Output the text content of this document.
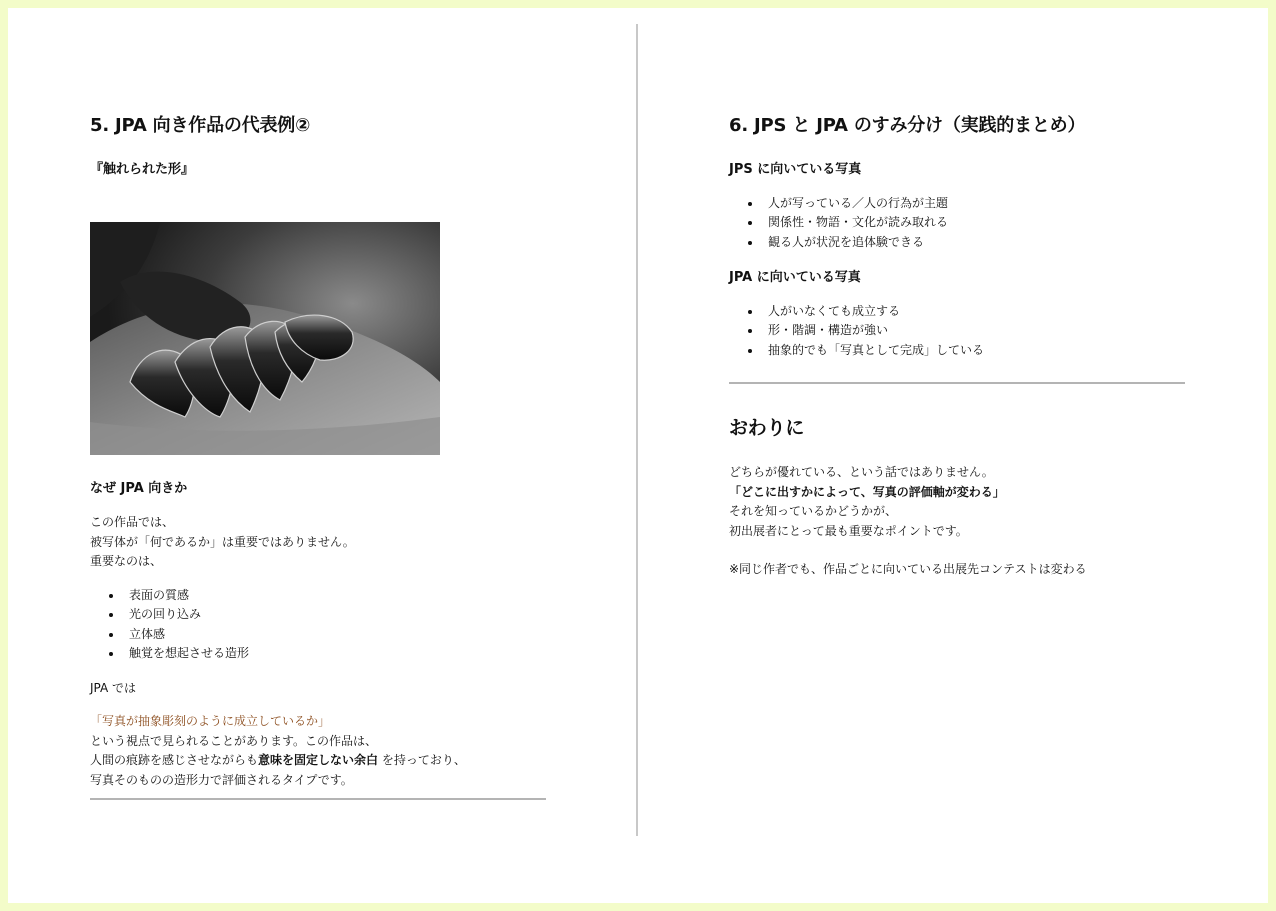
5. JPA 向き作品の代表例②
『触れられた形』
なぜ JPA 向きか

この作品では、

被写体が「何であるか」は重要ではありません。

重要なのは、

表面の質感
光の回り込み
立体感
触覚を想起させる造形

JPA では

「写真が抽象彫刻のように成立しているか」

という視点で見られることがあります。この作品は、

人間の痕跡を感じさせながらも意味を固定しない余白 を持っており、

写真そのものの造形力で評価されるタイプです。

6. JPS と JPA のすみ分け（実践的まとめ）
JPS に向いている写真
人が写っている／人の行為が主題
関係性・物語・文化が読み取れる
観る人が状況を追体験できる
JPA に向いている写真
人がいなくても成立する
形・階調・構造が強い
抽象的でも「写真として完成」している
おわりに

どちらが優れている、という話ではありません。

「どこに出すかによって、写真の評価軸が変わる」

それを知っているかどうかが、

初出展者にとって最も重要なポイントです。

※同じ作者でも、作品ごとに向いている出展先コンテストは変わる
